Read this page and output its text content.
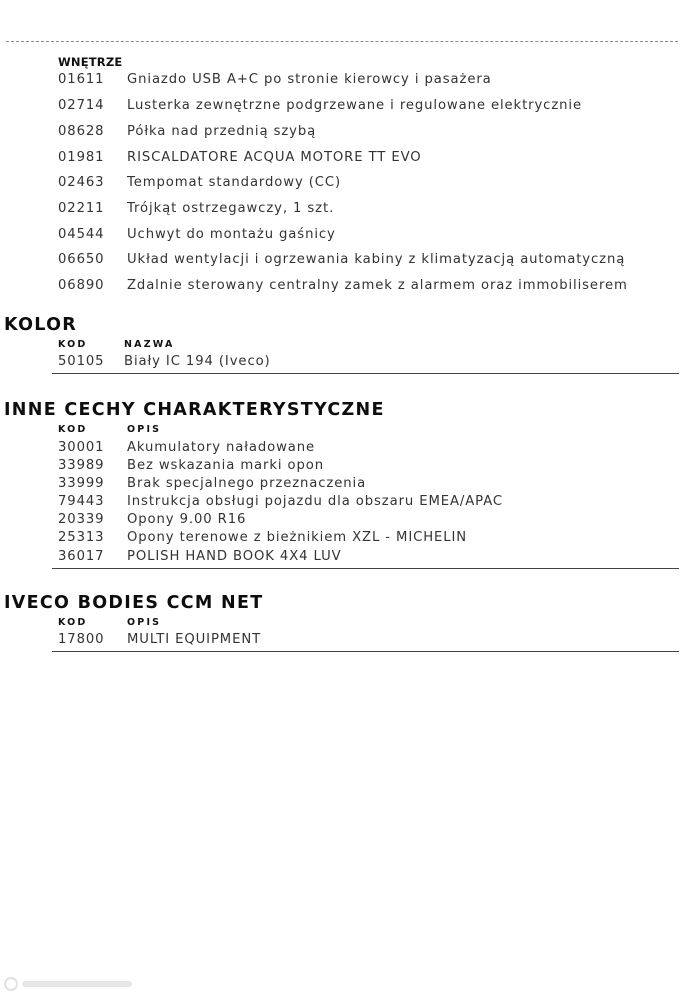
WNĘTRZE
01611 Gniazdo USB A+C po stronie kierowcy i pasażera
02714 Lusterka zewnętrzne podgrzewane i regulowane elektrycznie
08628 Półka nad przednią szybą
01981 RISCALDATORE ACQUA MOTORE TT EVO
02463 Tempomat standardowy (CC)
02211 Trójkąt ostrzegawczy, 1 szt.
04544 Uchwyt do montażu gaśnicy
06650 Układ wentylacji i ogrzewania kabiny z klimatyzacją automatyczną
06890 Zdalnie sterowany centralny zamek z alarmem oraz immobiliserem
KOLOR
KOD	NAZWA
50105 Biały IC 194 (Iveco)
INNE CECHY CHARAKTERYSTYCZNE
KOD	OPIS
30001 Akumulatory naładowane
33989 Bez wskazania marki opon
33999 Brak specjalnego przeznaczenia
79443 Instrukcja obsługi pojazdu dla obszaru EMEA/APAC
20339 Opony 9.00 R16
25313 Opony terenowe z bieżnikiem XZL - MICHELIN
36017 POLISH HAND BOOK 4X4 LUV
IVECO BODIES CCM NET
KOD	OPIS
17800 MULTI EQUIPMENT
